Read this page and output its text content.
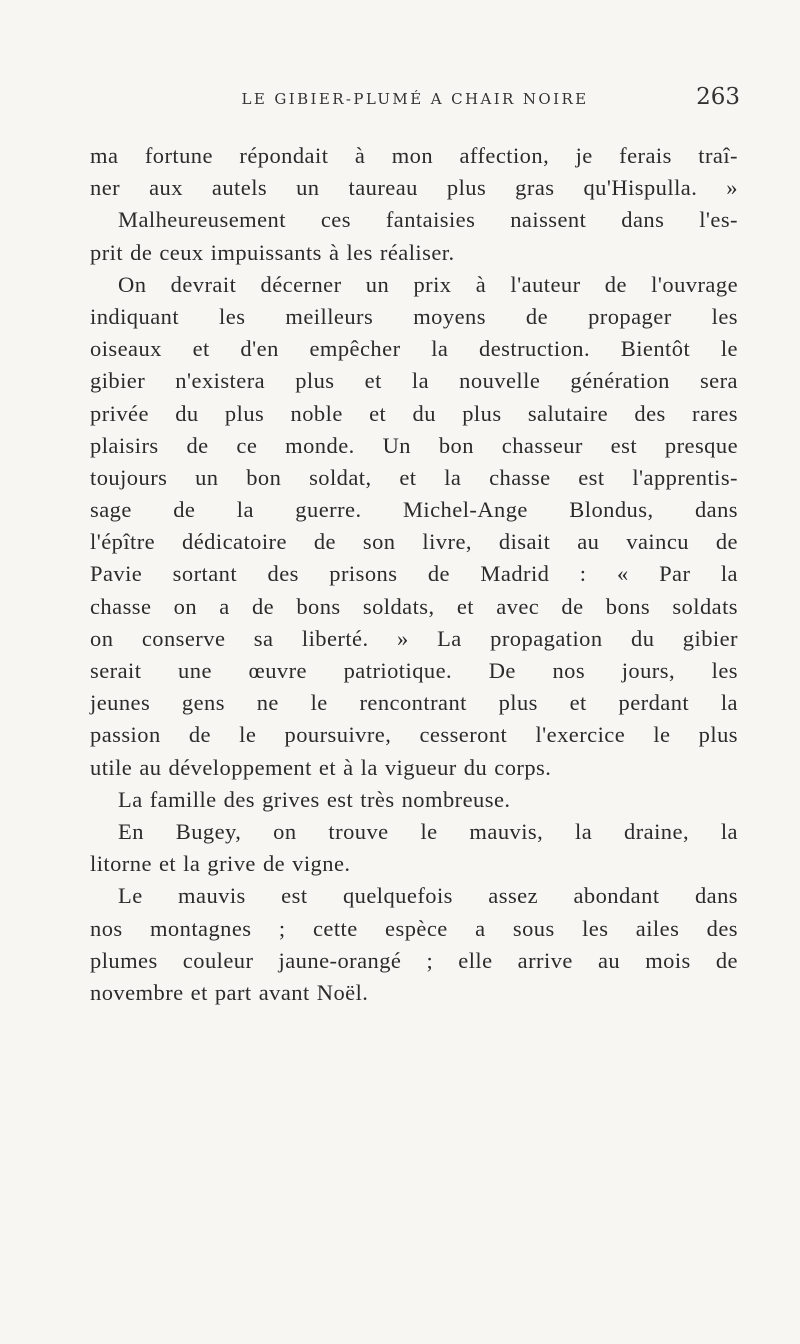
LE GIBIER-PLUMÉ A CHAIR NOIRE	263
ma fortune répondait à mon affection, je ferais traî-
ner aux autels un taureau plus gras qu'Hispulla. »
Malheureusement ces fantaisies naissent dans l'es-
prit de ceux impuissants à les réaliser.
On devrait décerner un prix à l'auteur de l'ouvrage
indiquant les meilleurs moyens de propager les
oiseaux et d'en empêcher la destruction. Bientôt le
gibier n'existera plus et la nouvelle génération sera
privée du plus noble et du plus salutaire des rares
plaisirs de ce monde. Un bon chasseur est presque
toujours un bon soldat, et la chasse est l'apprentis-
sage de la guerre. Michel-Ange Blondus, dans
l'épître dédicatoire de son livre, disait au vaincu de
Pavie sortant des prisons de Madrid : « Par la
chasse on a de bons soldats, et avec de bons soldats
on conserve sa liberté. » La propagation du gibier
serait une œuvre patriotique. De nos jours, les
jeunes gens ne le rencontrant plus et perdant la
passion de le poursuivre, cesseront l'exercice le plus
utile au développement et à la vigueur du corps.
La famille des grives est très nombreuse.
En Bugey, on trouve le mauvis, la draine, la
litorne et la grive de vigne.
Le mauvis est quelquefois assez abondant dans
nos montagnes ; cette espèce a sous les ailes des
plumes couleur jaune-orangé ; elle arrive au mois de
novembre et part avant Noël.
